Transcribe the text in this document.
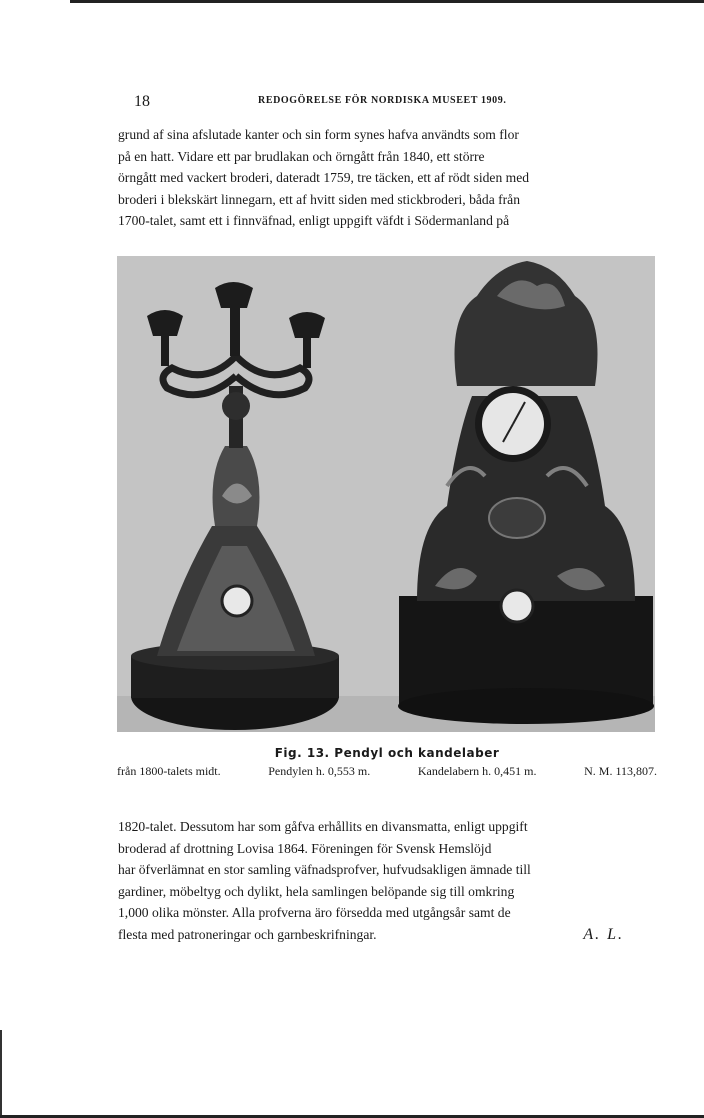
18	REDOGÖRELSE FÖR NORDISKA MUSEET 1909.
grund af sina afslutade kanter och sin form synes hafva användts som flor
på en hatt. Vidare ett par brudlakan och örngått från 1840, ett större
örngått med vackert broderi, dateradt 1759, tre täcken, ett af rödt siden med
broderi i blekskärt linnegarn, ett af hvitt siden med stickbroderi, båda från
1700-talet, samt ett i finnväfnad, enligt uppgift väfdt i Södermanland på
Fig. 13. Pendyl och kandelaber
från 1800-talets midt.	Pendylen h. 0,553 m.	Kandelabern h. 0,451 m.	N. M. 113,807.
1820-talet. Dessutom har som gåfva erhållits en divansmatta, enligt uppgift
broderad af drottning Lovisa 1864. Föreningen för Svensk Hemslöjd
har öfverlämnat en stor samling väfnadsprofver, hufvudsakligen ämnade till
gardiner, möbeltyg och dylikt, hela samlingen belöpande sig till omkring
1,000 olika mönster. Alla profverna äro försedda med utgångsår samt de
flesta med patroneringar och garnbeskrifningar.	A. L.
